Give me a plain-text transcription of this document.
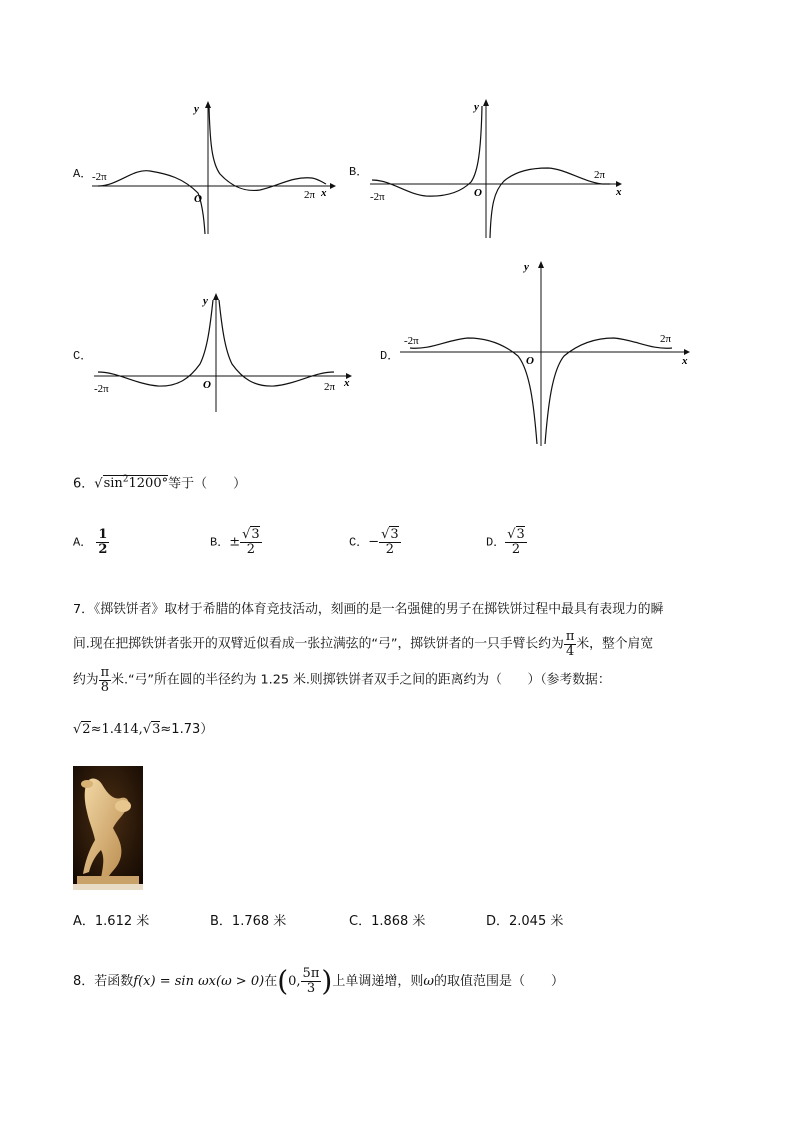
A． -2π
2π
O	x
y
B．
-2π
2π
O	x
y
C．
-2π	2π
O	x
y
D．
-2π	2π
O	x
y
6．$√\sin^21200^\circ$等于（　　）
A． $\frac{1}{2}$	B．± $\frac{√3}{2}$	C．− $\frac{√3}{2}$	D． $\frac{√3}{2}$
7．《掷铁饼者》取材于希腊的体育竞技活动，刻画的是一名强健的男子在掷铁饼过程中最具有表现力的瞬
间.现在把掷铁饼者张开的双臂近似看成一张拉满弦的“弓”，掷铁饼者的一只手臂长约为 $\frac{\pi}{4}$ 米，整个肩宽
约为 $\frac{\pi}{8}$ 米.“弓”所在圆的半径约为 1.25 米.则掷铁饼者双手之间的距离约为（　　）（参考数据：
√2≈1.414,√3≈1.73）
A．1.612 米	B．1.768 米	C．1.868 米	D．2.045 米
8．若函数f(x) = sin ωx(ω > 0)在(0, $\frac{5\pi}{3}$ )上单调递增，则ω的取值范围是（　　）
